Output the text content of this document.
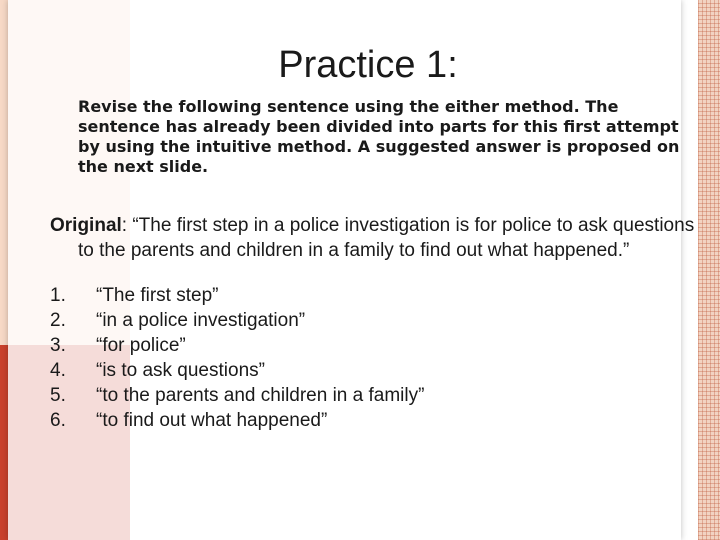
Practice 1:

Revise the following sentence using the either method. The sentence has already been divided into parts for this first attempt by using the intuitive method. A suggested answer is proposed on the next slide.

Original: “The first step in a police investigation is for police to ask questions to the parents and children in a family to find out what happened.”

1.	“The first step”
2.	“in a police investigation”
3.	“for police”
4.	“is to ask questions”
5.	“to the parents and children in a family”
6.	“to find out what happened”
